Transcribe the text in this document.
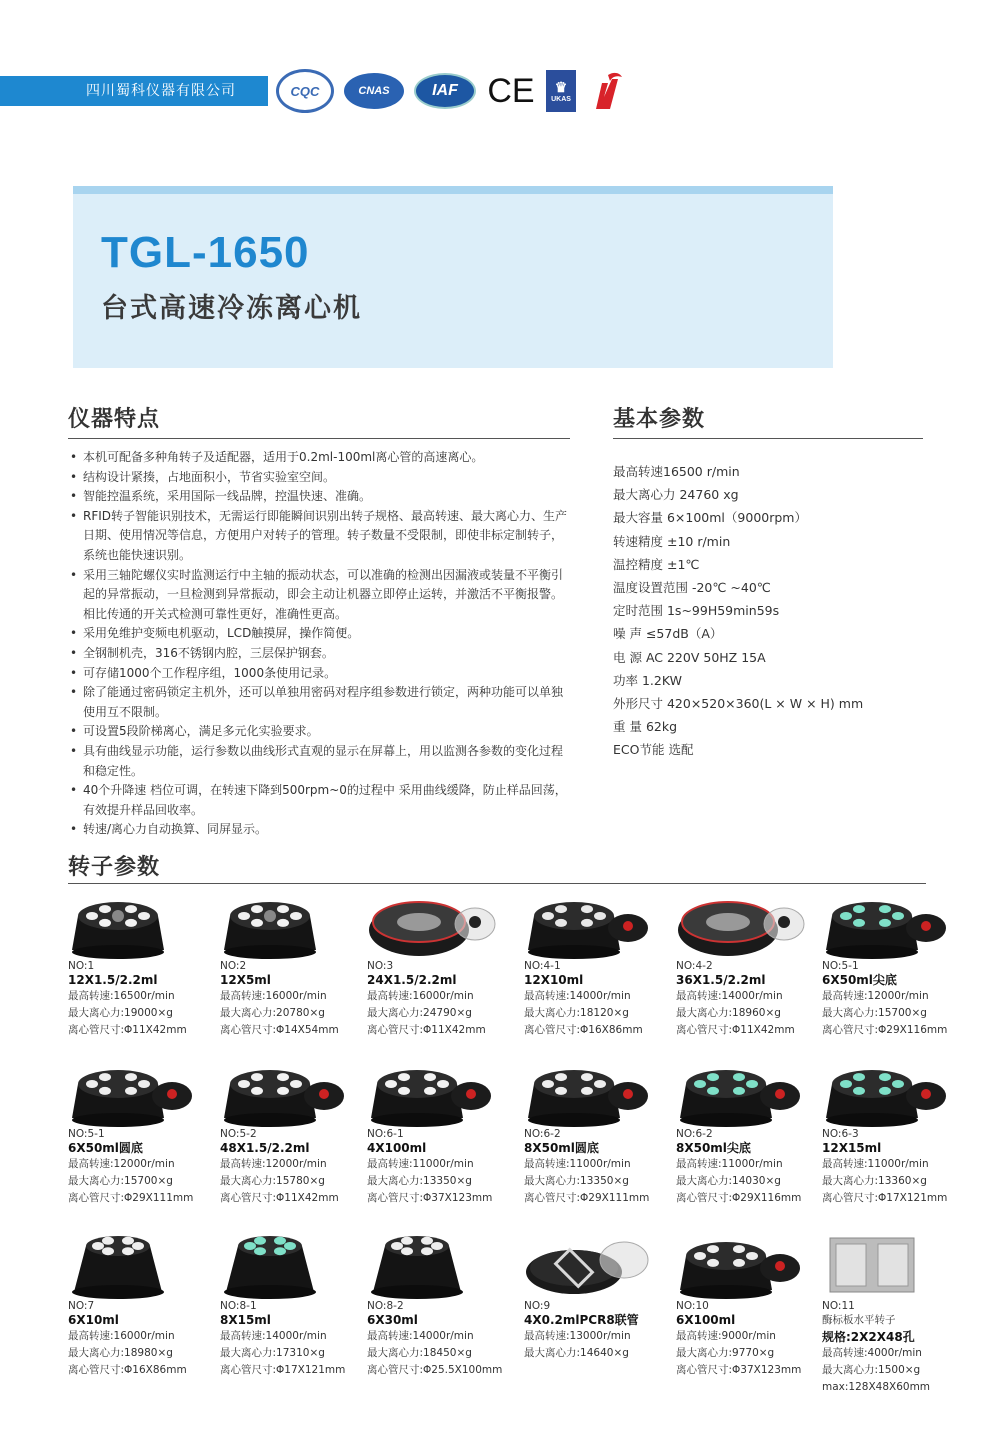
四川蜀科仪器有限公司	CQC	CNAS	IAF CE ♛
UKAS
TGL-1650
台式高速冷冻离心机
仪器特点
• 本机可配备多种角转子及适配器，适用于0.2ml-100ml离心管的高速离心。
• 结构设计紧揍，占地面积小，节省实验室空间。
• 智能控温系统，采用国际一线品牌，控温快速、准确。
• RFID转子智能识别技术，无需运行即能瞬间识别出转子规格、最高转速、最大离心力、生产日期、使用情况等信息，方便用户对转子的管理。转子数量不受限制，即使非标定制转子，系统也能快速识别。
• 采用三轴陀螺仪实时监测运行中主轴的振动状态，可以准确的检测出因漏液或装量不平衡引起的异常振动，一旦检测到异常振动，即会主动让机器立即停止运转，并激活不平衡报警。相比传通的开关式检测可靠性更好，准确性更高。
• 采用免维护变频电机驱动，LCD触摸屏，操作简便。
• 全钢制机壳，316不锈钢内腔，三层保护钢套。
• 可存储1000个工作程序组，1000条使用记录。
• 除了能通过密码锁定主机外，还可以单独用密码对程序组参数进行锁定，两种功能可以单独使用互不限制。
• 可设置5段阶梯离心，满足多元化实验要求。
• 具有曲线显示功能，运行参数以曲线形式直观的显示在屏幕上，用以监测各参数的变化过程和稳定性。
• 40个升降速 档位可调，在转速下降到500rpm~0的过程中 采用曲线缓降，防止样品回荡，有效提升样品回收率。
• 转速/离心力自动换算、同屏显示。
基本参数
最高转速16500 r/min
最大离心力 24760 xg
最大容量 6×100ml（9000rpm）
转速精度 ±10 r/min
温控精度 ±1℃
温度设置范围 -20℃ ~40℃
定时范围 1s~99H59min59s
噪 声 ≤57dB（A）
电 源 AC 220V 50HZ 15A
功率 1.2KW
外形尺寸 420×520×360(L × W × H) mm
重 量 62kg
ECO节能 选配
转子参数
NO:1
12X1.5/2.2ml
最高转速:16500r/min
最大离心力:19000×g
离心管尺寸:Φ11X42mm
NO:2
12X5ml
最高转速:16000r/min
最大离心力:20780×g
离心管尺寸:Φ14X54mm
NO:3
24X1.5/2.2ml
最高转速:16000r/min
最大离心力:24790×g
离心管尺寸:Φ11X42mm
NO:4-1
12X10ml
最高转速:14000r/min
最大离心力:18120×g
离心管尺寸:Φ16X86mm
NO:4-2
36X1.5/2.2ml
最高转速:14000r/min
最大离心力:18960×g
离心管尺寸:Φ11X42mm
NO:5-1
6X50ml尖底
最高转速:12000r/min
最大离心力:15700×g
离心管尺寸:Φ29X116mm
NO:5-1
6X50ml圆底
最高转速:12000r/min
最大离心力:15700×g
离心管尺寸:Φ29X111mm
NO:5-2
48X1.5/2.2ml
最高转速:12000r/min
最大离心力:15780×g
离心管尺寸:Φ11X42mm
NO:6-1
4X100ml
最高转速:11000r/min
最大离心力:13350×g
离心管尺寸:Φ37X123mm
NO:6-2
8X50ml圆底
最高转速:11000r/min
最大离心力:13350×g
离心管尺寸:Φ29X111mm
NO:6-2
8X50ml尖底
最高转速:11000r/min
最大离心力:14030×g
离心管尺寸:Φ29X116mm
NO:6-3
12X15ml
最高转速:11000r/min
最大离心力:13360×g
离心管尺寸:Φ17X121mm
NO:7
6X10ml
最高转速:16000r/min
最大离心力:18980×g
离心管尺寸:Φ16X86mm
NO:8-1
8X15ml
最高转速:14000r/min
最大离心力:17310×g
离心管尺寸:Φ17X121mm
NO:8-2
6X30ml
最高转速:14000r/min
最大离心力:18450×g
离心管尺寸:Φ25.5X100mm
NO:9
4X0.2mlPCR8联管
最高转速:13000r/min
最大离心力:14640×g
NO:10
6X100ml
最高转速:9000r/min
最大离心力:9770×g
离心管尺寸:Φ37X123mm
NO:11
酶标板水平转子
规格:2X2X48孔
最高转速:4000r/min
最大离心力:1500×g
max:128X48X60mm
